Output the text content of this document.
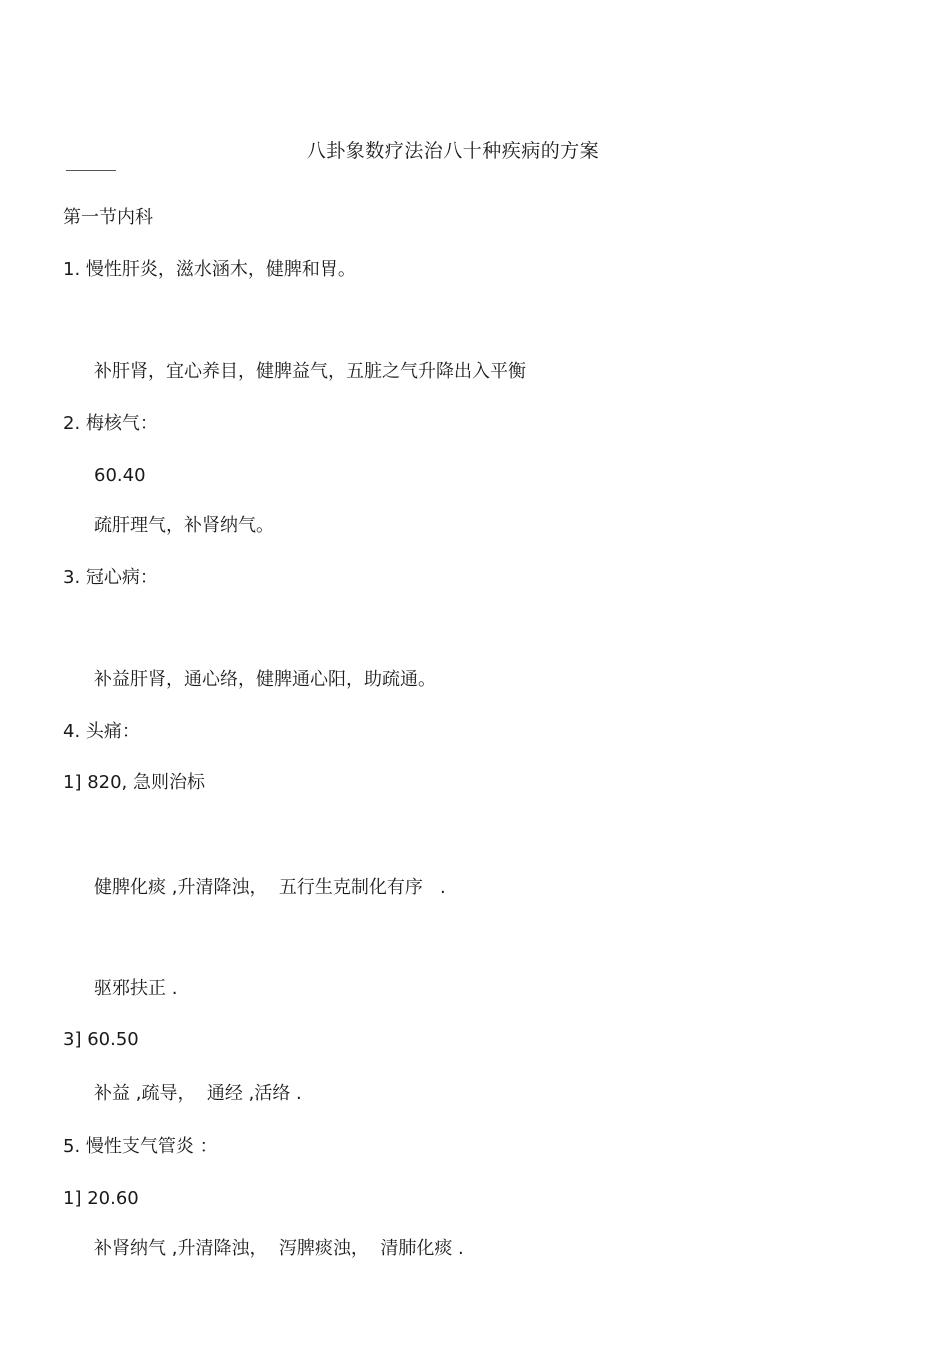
八卦象数疗法治八十种疾病的方案
第一节内科
1. 慢性肝炎，滋水涵木，健脾和胃。
补肝肾，宜心养目，健脾益气，五脏之气升降出入平衡
2. 梅核气：
60.40
疏肝理气，补肾纳气。
3. 冠心病：
补益肝肾，通心络，健脾通心阳，助疏通。
4. 头痛：
1] 820, 急则治标
健脾化痰 ,升清降浊，  五行生克制化有序   .
驱邪扶正 .
3] 60.50
补益 ,疏导，  通经 ,活络 .
5. 慢性支气管炎 ：
1] 20.60
补肾纳气 ,升清降浊，  泻脾痰浊，  清肺化痰 .
